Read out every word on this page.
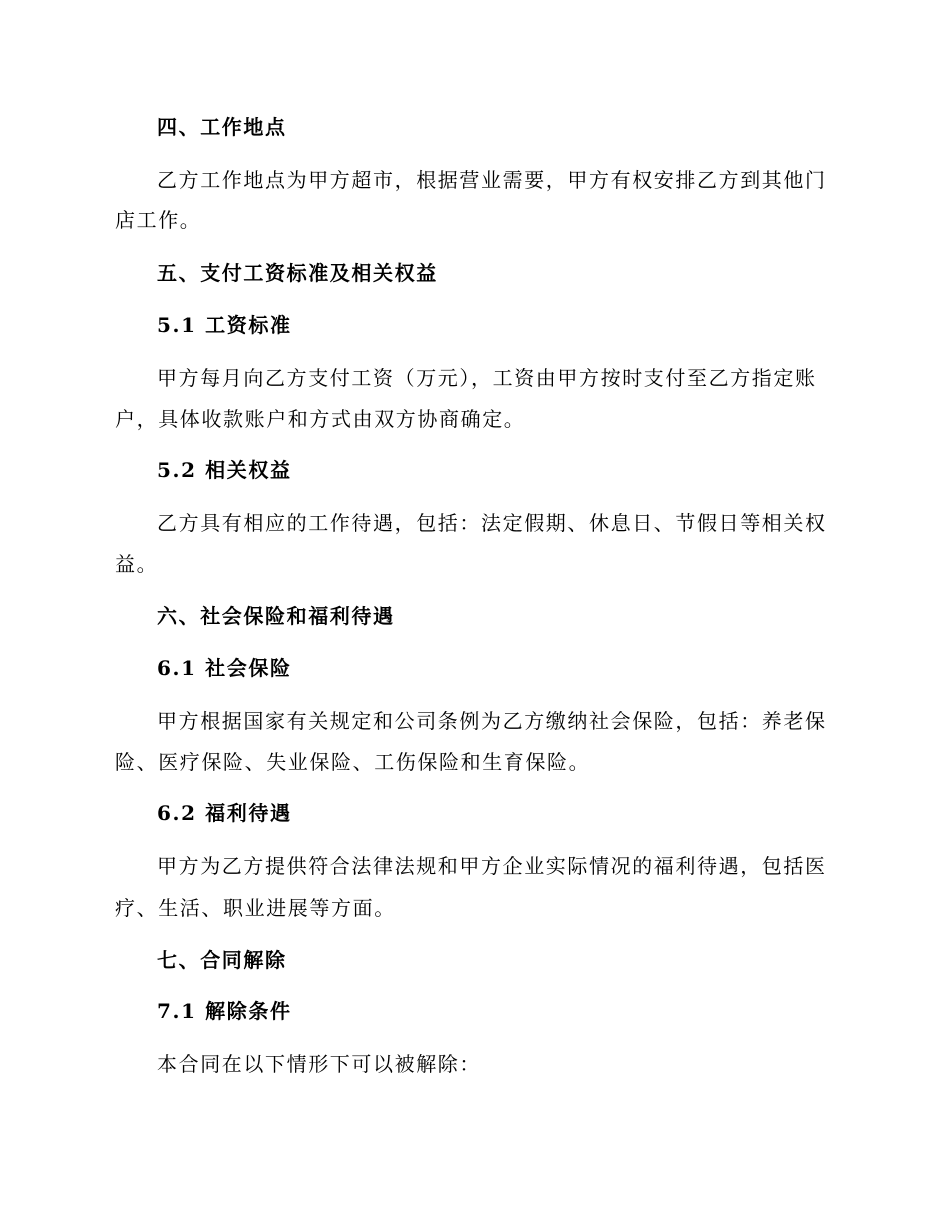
四、工作地点
乙方工作地点为甲方超市，根据营业需要，甲方有权安排乙方到其他门
店工作。
五、支付工资标准及相关权益
5.1 工资标准
甲方每月向乙方支付工资（万元），工资由甲方按时支付至乙方指定账
户，具体收款账户和方式由双方协商确定。
5.2 相关权益
乙方具有相应的工作待遇，包括：法定假期、休息日、节假日等相关权
益。
六、社会保险和福利待遇
6.1 社会保险
甲方根据国家有关规定和公司条例为乙方缴纳社会保险，包括：养老保
险、医疗保险、失业保险、工伤保险和生育保险。
6.2 福利待遇
甲方为乙方提供符合法律法规和甲方企业实际情况的福利待遇，包括医
疗、生活、职业进展等方面。
七、合同解除
7.1 解除条件
本合同在以下情形下可以被解除：
